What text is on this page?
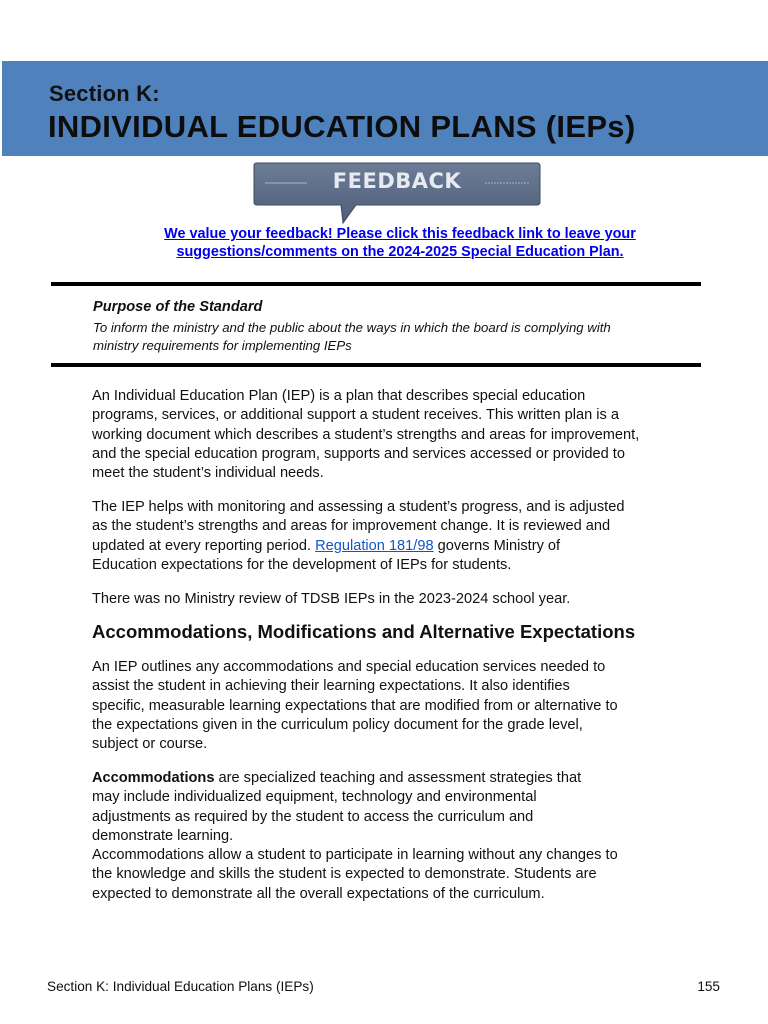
Section K:
INDIVIDUAL EDUCATION PLANS (IEPs)
FEEDBACK
We value your feedback! Please click this feedback link to leave your
suggestions/comments on the 2024-2025 Special Education Plan.
Purpose of the Standard
To inform the ministry and the public about the ways in which the board is complying with
ministry requirements for implementing IEPs
An Individual Education Plan (IEP) is a plan that describes special education
programs, services, or additional support a student receives. This written plan is a
working document which describes a student’s strengths and areas for improvement,
and the special education program, supports and services accessed or provided to
meet the student’s individual needs.
The IEP helps with monitoring and assessing a student’s progress, and is adjusted
as the student’s strengths and areas for improvement change. It is reviewed and
updated at every reporting period. Regulation 181/98 governs Ministry of
Education expectations for the development of IEPs for students.
There was no Ministry review of TDSB IEPs in the 2023-2024 school year.
Accommodations, Modifications and Alternative Expectations
An IEP outlines any accommodations and special education services needed to
assist the student in achieving their learning expectations. It also identifies
specific, measurable learning expectations that are modified from or alternative to
the expectations given in the curriculum policy document for the grade level,
subject or course.
Accommodations are specialized teaching and assessment strategies that
may include individualized equipment, technology and environmental
adjustments as required by the student to access the curriculum and
demonstrate learning.
Accommodations allow a student to participate in learning without any changes to
the knowledge and skills the student is expected to demonstrate. Students are
expected to demonstrate all the overall expectations of the curriculum.
Section K: Individual Education Plans (IEPs)	155
